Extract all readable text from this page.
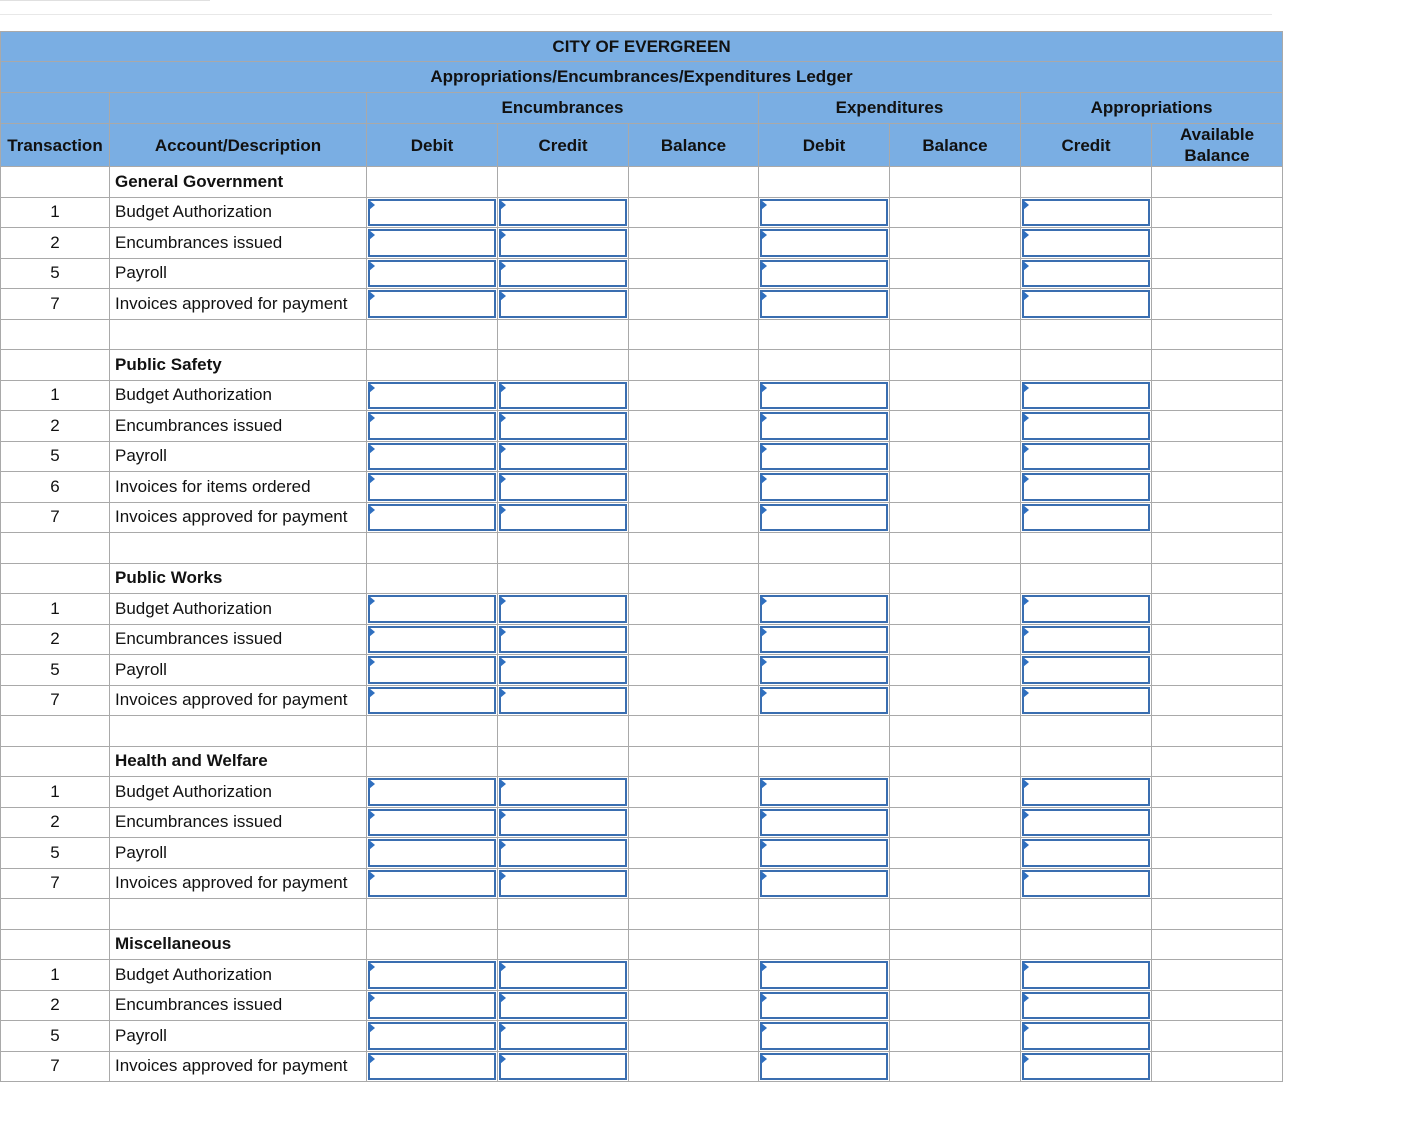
CITY OF EVERGREEN								
Appropriations/Encumbrances/Expenditures Ledger								
		Encumbrances			Expenditures		Appropriations	
Transaction	Account/Description	Debit	Credit	Balance	Debit	Balance	Credit	Available
Balance
	General Government							
1	Budget Authorization	

2	Encumbrances issued	

5	Payroll	

7	Invoices approved for payment	

	Public Safety							
1	Budget Authorization	

2	Encumbrances issued	

5	Payroll	

6	Invoices for items ordered	

7	Invoices approved for payment	

	Public Works							
1	Budget Authorization	

2	Encumbrances issued	

5	Payroll	

7	Invoices approved for payment	

	Health and Welfare							
1	Budget Authorization	

2	Encumbrances issued	

5	Payroll	

7	Invoices approved for payment	

	Miscellaneous							
1	Budget Authorization	

2	Encumbrances issued	

5	Payroll	

7	Invoices approved for payment	
